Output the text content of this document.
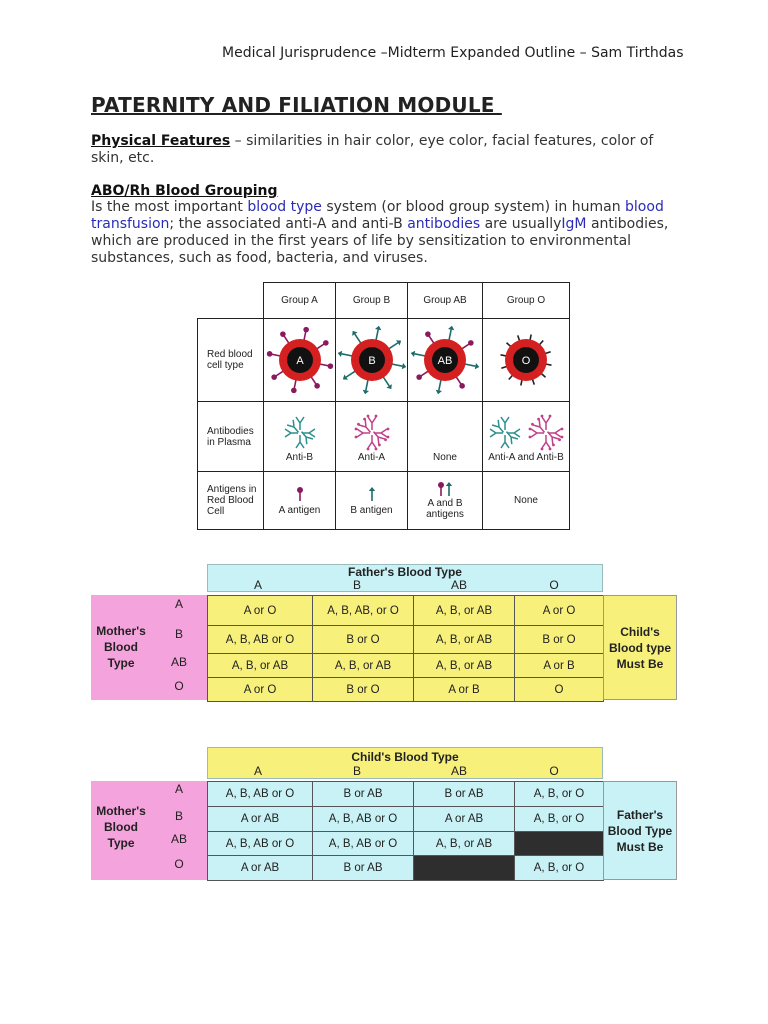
Medical Jurisprudence –Midterm Expanded Outline – Sam Tirthdas
PATERNITY AND FILIATION MODULE
Physical Features – similarities in hair color, eye color, facial features, color of skin, etc.
ABO/Rh Blood Grouping
Is the most important blood type system (or blood group system) in human blood transfusion; the associated anti-A and anti-B antibodies are usuallyIgM antibodies, which are produced in the first years of life by sensitization to environmental substances, such as food, bacteria, and viruses.
	Group A	Group B	Group AB	Group O
Red blood cell type	A	B	AB	O

Antibodies in Plasma	Anti-B	Anti-A	None	Anti-A and Anti-B

Antigens in Red Blood Cell	A antigen	B antigen	A and B antigens	None
Father's Blood Type
A	B	AB	O
Mother's Blood Type
A
B
AB
O
A or O	A, B, AB, or O	A, B, or AB	A or O
A, B, AB or O	B or O	A, B, or AB	B or O
A, B, or AB	A, B, or AB	A, B, or AB	A or B
A or O	B or O	A or B	O
Child's Blood type Must Be
Child's Blood Type
A	B	AB	O
Mother's Blood Type
A
B
AB
O
A, B, AB or O	B or AB	B or AB	A, B, or O
A or AB	A, B, AB or O	A or AB	A, B, or O
A, B, AB or O	A, B, AB or O	A, B, or AB	
A or AB	B or AB		A, B, or O
Father's Blood Type Must Be
